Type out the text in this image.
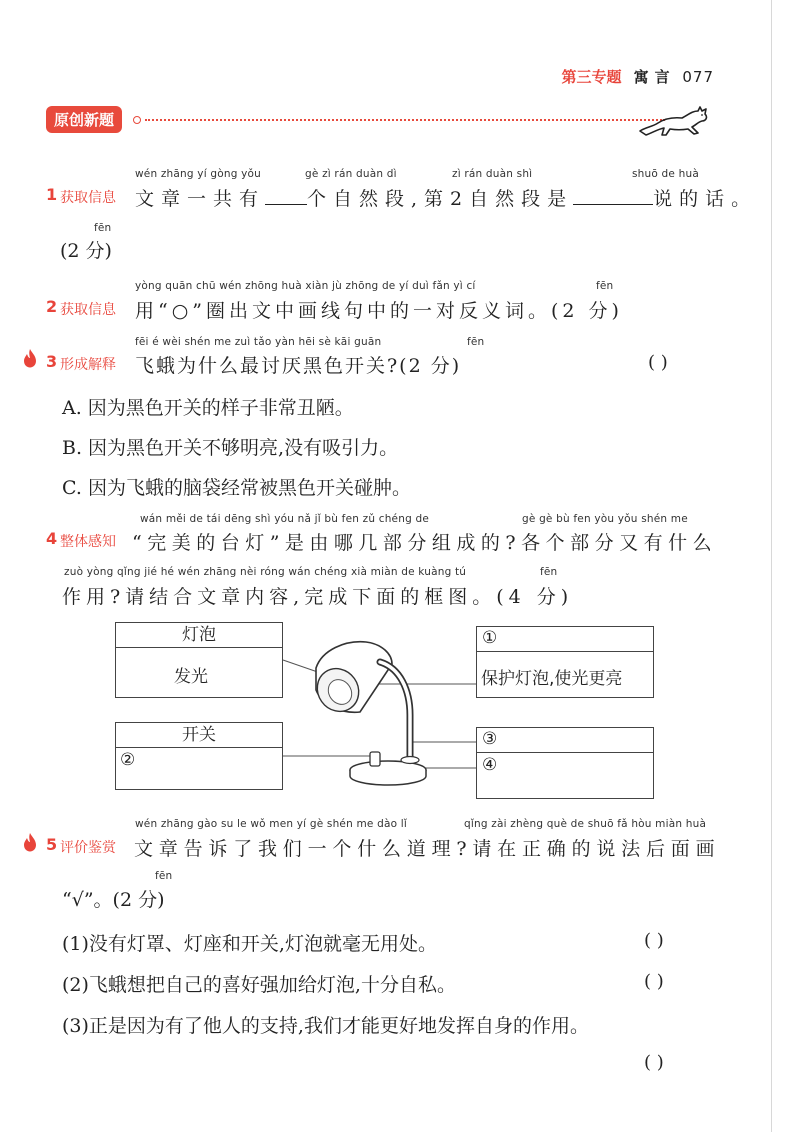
第三专题 寓言 077
原创新题
wén zhāng yí gòng yǒu	gè zì rán duàn dì	zì rán duàn shì	shuō de huà
1 获取信息 文章一共有 个自然段,第2自然段是	说的话。
fēn
(2 分)
yòng quān chū wén zhōng huà xiàn jù zhōng de yí duì fǎn yì cí	fēn
2 获取信息 用“○”圈出文中画线句中的一对反义词。(2 分)
fēi é wèi shén me zuì tǎo yàn hēi sè kāi guān	fēn
3 形成解释 飞蛾为什么最讨厌黑色开关?(2 分)	( )
A. 因为黑色开关的样子非常丑陋。
B. 因为黑色开关不够明亮,没有吸引力。
C. 因为飞蛾的脑袋经常被黑色开关碰肿。
wán měi de tái dēng shì yóu nǎ jǐ bù fen zǔ chéng de	gè gè bù fen yòu yǒu shén me
4 整体感知 “完美的台灯”是由哪几部分组成的?各个部分又有什么
zuò yòng qǐng jié hé wén zhāng nèi róng wán chéng xià miàn de kuàng tú	fēn
作用?请结合文章内容,完成下面的框图。(4 分)
灯泡
发光
开关
②
①
保护灯泡,使光更亮
③
④
wén zhāng gào su le wǒ men yí gè shén me dào lǐ	qǐng zài zhèng què de shuō fǎ hòu miàn huà
5 评价鉴赏 文章告诉了我们一个什么道理?请在正确的说法后面画
fēn
“√”。(2 分)
(1)没有灯罩、灯座和开关,灯泡就毫无用处。	( )
(2)飞蛾想把自己的喜好强加给灯泡,十分自私。	( )
(3)正是因为有了他人的支持,我们才能更好地发挥自身的作用。
( )
